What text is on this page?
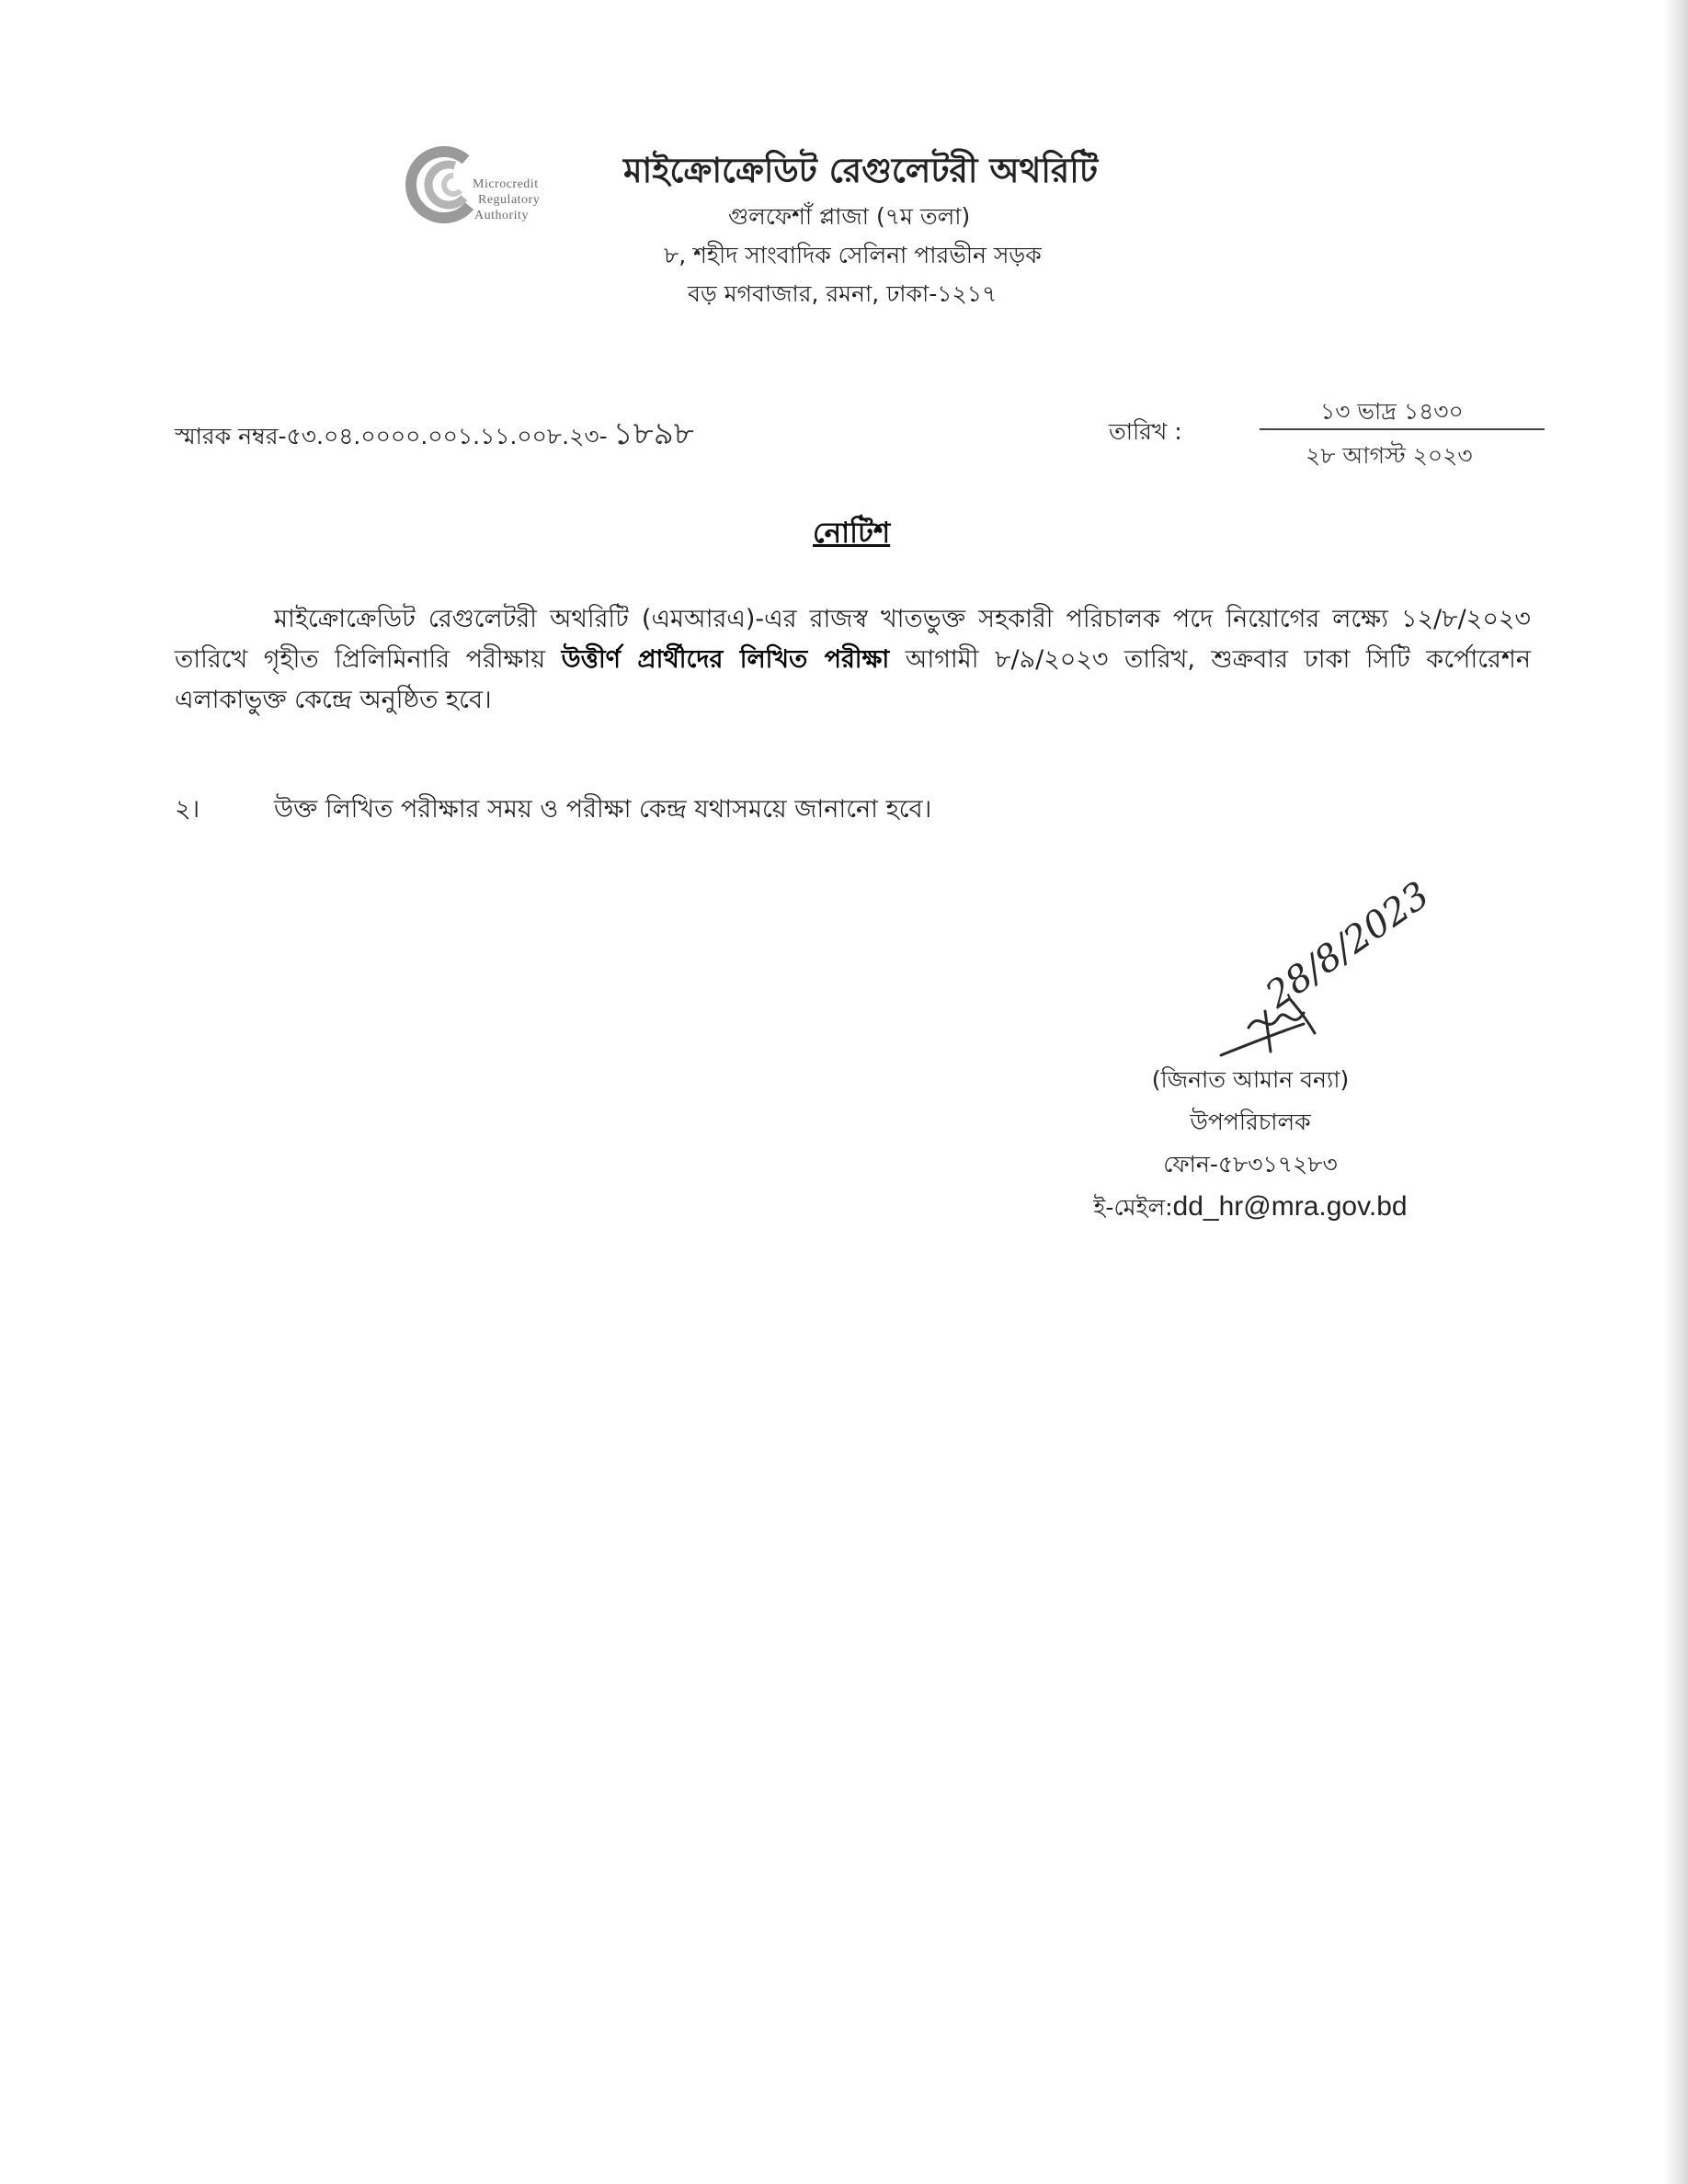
Microcredit
Regulatory
Authority
মাইক্রোক্রেডিট রেগুলেটরী অথরিটি
গুলফেশাঁ প্লাজা (৭ম তলা)
৮, শহীদ সাংবাদিক সেলিনা পারভীন সড়ক
বড় মগবাজার, রমনা, ঢাকা-১২১৭
স্মারক নম্বর-৫৩.০৪.০০০০.০০১.১১.০০৮.২৩- ১৮৯৮	তারিখ :
১৩ ভাদ্র ১৪৩০
২৮ আগস্ট ২০২৩
নোটিশ
মাইক্রোক্রেডিট রেগুলেটরী অথরিটি (এমআরএ)-এর রাজস্ব খাতভুক্ত সহকারী পরিচালক পদে নিয়োগের লক্ষ্যে ১২/৮/২০২৩ তারিখে গৃহীত প্রিলিমিনারি পরীক্ষায় উত্তীর্ণ প্রার্থীদের লিখিত পরীক্ষা আগামী ৮/৯/২০২৩ তারিখ, শুক্রবার ঢাকা সিটি কর্পোরেশন এলাকাভুক্ত কেন্দ্রে অনুষ্ঠিত হবে।
২।	উক্ত লিখিত পরীক্ষার সময় ও পরীক্ষা কেন্দ্র যথাসময়ে জানানো হবে।
28/8/2023
(জিনাত আমান বন্যা)
উপপরিচালক
ফোন-৫৮৩১৭২৮৩
ই-মেইল:dd_hr@mra.gov.bd
